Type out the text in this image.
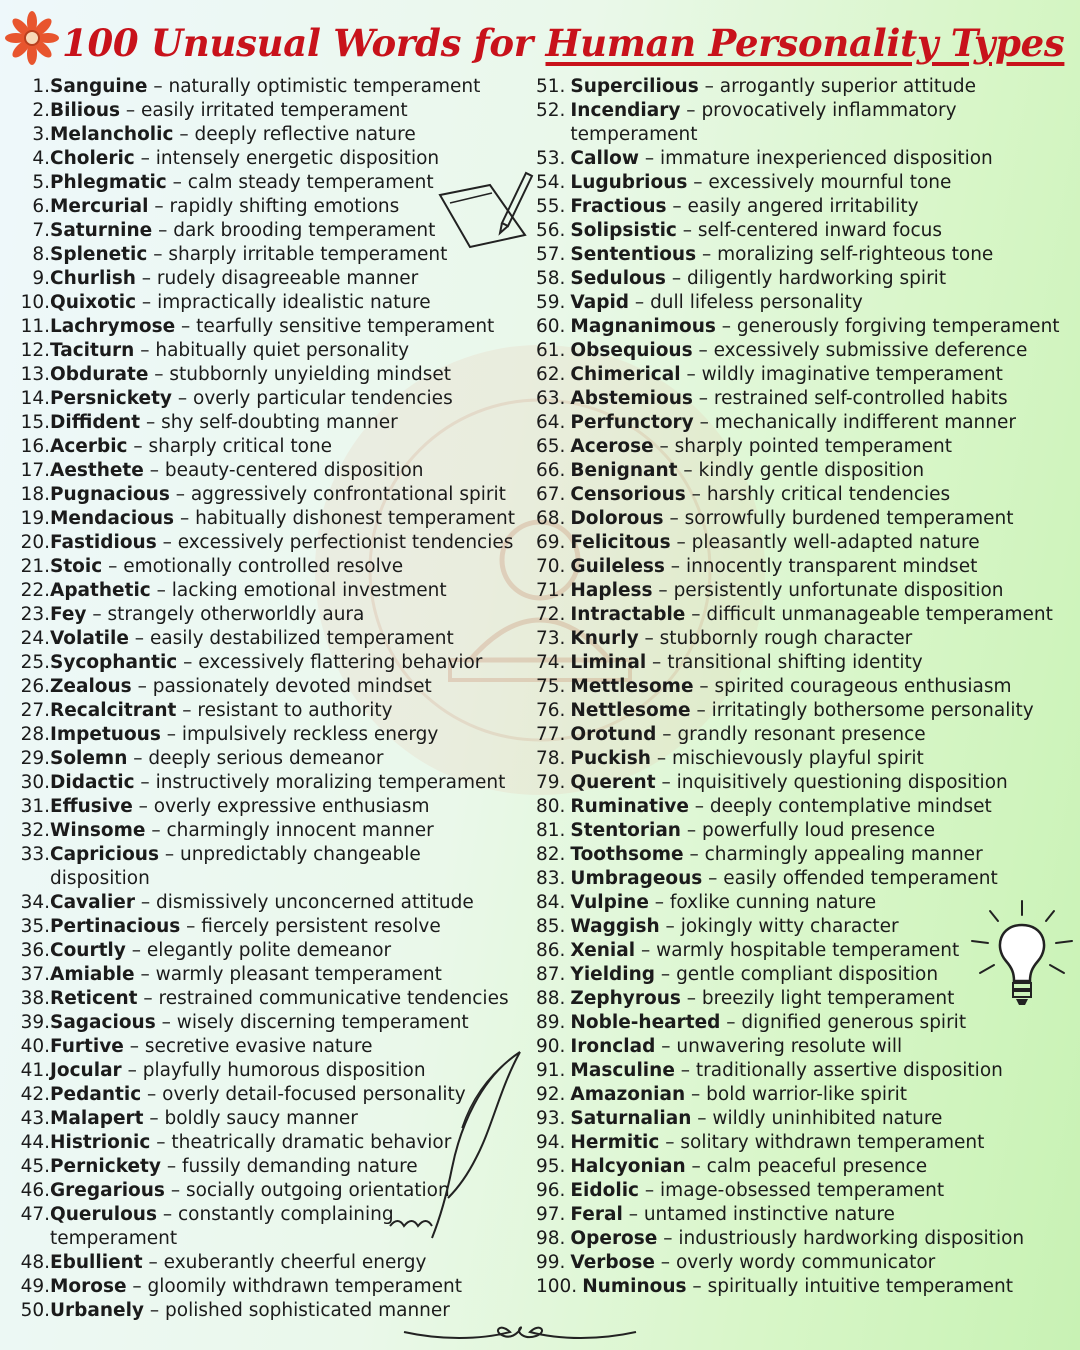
100 Unusual Words for Human Personality Types
1. Sanguine – naturally optimistic temperament
2. Bilious – easily irritated temperament
3. Melancholic – deeply reflective nature
4. Choleric – intensely energetic disposition
5. Phlegmatic – calm steady temperament
6. Mercurial – rapidly shifting emotions
7. Saturnine – dark brooding temperament
8. Splenetic – sharply irritable temperament
9. Churlish – rudely disagreeable manner
10. Quixotic – impractically idealistic nature
11. Lachrymose – tearfully sensitive temperament
12. Taciturn – habitually quiet personality
13. Obdurate – stubbornly unyielding mindset
14. Persnickety – overly particular tendencies
15. Diffident – shy self-doubting manner
16. Acerbic – sharply critical tone
17. Aesthete – beauty-centered disposition
18. Pugnacious – aggressively confrontational spirit
19. Mendacious – habitually dishonest temperament
20. Fastidious – excessively perfectionist tendencies
21. Stoic – emotionally controlled resolve
22. Apathetic – lacking emotional investment
23. Fey – strangely otherworldly aura
24. Volatile – easily destabilized temperament
25. Sycophantic – excessively flattering behavior
26. Zealous – passionately devoted mindset
27. Recalcitrant – resistant to authority
28. Impetuous – impulsively reckless energy
29. Solemn – deeply serious demeanor
30. Didactic – instructively moralizing temperament
31. Effusive – overly expressive enthusiasm
32. Winsome – charmingly innocent manner
33. Capricious – unpredictably changeable disposition
34. Cavalier – dismissively unconcerned attitude
35. Pertinacious – fiercely persistent resolve
36. Courtly – elegantly polite demeanor
37. Amiable – warmly pleasant temperament
38. Reticent – restrained communicative tendencies
39. Sagacious – wisely discerning temperament
40. Furtive – secretive evasive nature
41. Jocular – playfully humorous disposition
42. Pedantic – overly detail-focused personality
43. Malapert – boldly saucy manner
44. Histrionic – theatrically dramatic behavior
45. Pernickety – fussily demanding nature
46. Gregarious – socially outgoing orientation
47. Querulous – constantly complaining temperament
48. Ebullient – exuberantly cheerful energy
49. Morose – gloomily withdrawn temperament
50. Urbanely – polished sophisticated manner
51. Supercilious – arrogantly superior attitude
52. Incendiary – provocatively inflammatory temperament
53. Callow – immature inexperienced disposition
54. Lugubrious – excessively mournful tone
55. Fractious – easily angered irritability
56. Solipsistic – self-centered inward focus
57. Sententious – moralizing self-righteous tone
58. Sedulous – diligently hardworking spirit
59. Vapid – dull lifeless personality
60. Magnanimous – generously forgiving temperament
61. Obsequious – excessively submissive deference
62. Chimerical – wildly imaginative temperament
63. Abstemious – restrained self-controlled habits
64. Perfunctory – mechanically indifferent manner
65. Acerose – sharply pointed temperament
66. Benignant – kindly gentle disposition
67. Censorious – harshly critical tendencies
68. Dolorous – sorrowfully burdened temperament
69. Felicitous – pleasantly well-adapted nature
70. Guileless – innocently transparent mindset
71. Hapless – persistently unfortunate disposition
72. Intractable – difficult unmanageable temperament
73. Knurly – stubbornly rough character
74. Liminal – transitional shifting identity
75. Mettlesome – spirited courageous enthusiasm
76. Nettlesome – irritatingly bothersome personality
77. Orotund – grandly resonant presence
78. Puckish – mischievously playful spirit
79. Querent – inquisitively questioning disposition
80. Ruminative – deeply contemplative mindset
81. Stentorian – powerfully loud presence
82. Toothsome – charmingly appealing manner
83. Umbrageous – easily offended temperament
84. Vulpine – foxlike cunning nature
85. Waggish – jokingly witty character
86. Xenial – warmly hospitable temperament
87. Yielding – gentle compliant disposition
88. Zephyrous – breezily light temperament
89. Noble-hearted – dignified generous spirit
90. Ironclad – unwavering resolute will
91. Masculine – traditionally assertive disposition
92. Amazonian – bold warrior-like spirit
93. Saturnalian – wildly uninhibited nature
94. Hermitic – solitary withdrawn temperament
95. Halcyonian – calm peaceful presence
96. Eidolic – image-obsessed temperament
97. Feral – untamed instinctive nature
98. Operose – industriously hardworking disposition
99. Verbose – overly wordy communicator
100. Numinous – spiritually intuitive temperament
